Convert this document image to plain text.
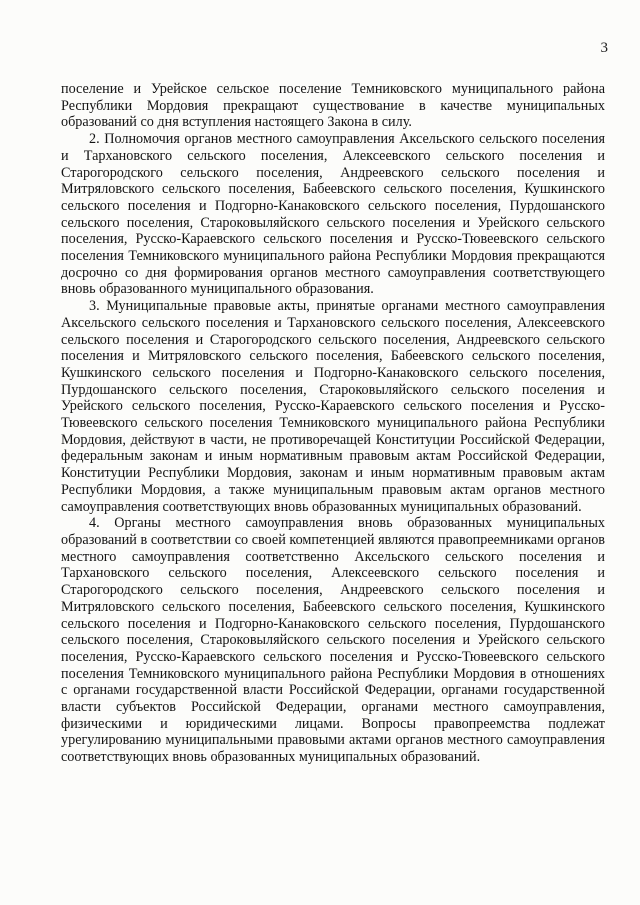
3

поселение и Урейское сельское поселение Темниковского муниципального района Республики Мордовия прекращают существование в качестве муниципальных образований со дня вступления настоящего Закона в силу.

2. Полномочия органов местного самоуправления Аксельского сельского поселения и Тархановского сельского поселения, Алексеевского сельского поселения и Старогородского сельского поселения, Андреевского сельского поселения и Митряловского сельского поселения, Бабеевского сельского поселения, Кушкинского сельского поселения и Подгорно-Канаковского сельского поселения, Пурдошанского сельского поселения, Староковыляйского сельского поселения и Урейского сельского поселения, Русско-Караевского сельского поселения и Русско-Тювеевского сельского поселения Темниковского муниципального района Республики Мордовия прекращаются досрочно со дня формирования органов местного самоуправления соответствующего вновь образованного муниципального образования.

3. Муниципальные правовые акты, принятые органами местного самоуправления Аксельского сельского поселения и Тархановского сельского поселения, Алексеевского сельского поселения и Старогородского сельского поселения, Андреевского сельского поселения и Митряловского сельского поселения, Бабеевского сельского поселения, Кушкинского сельского поселения и Подгорно-Канаковского сельского поселения, Пурдошанского сельского поселения, Староковыляйского сельского поселения и Урейского сельского поселения, Русско-Караевского сельского поселения и Русско-Тювеевского сельского поселения Темниковского муниципального района Республики Мордовия, действуют в части, не противоречащей Конституции Российской Федерации, федеральным законам и иным нормативным правовым актам Российской Федерации, Конституции Республики Мордовия, законам и иным нормативным правовым актам Республики Мордовия, а также муниципальным правовым актам органов местного самоуправления соответствующих вновь образованных муниципальных образований.

4. Органы местного самоуправления вновь образованных муниципальных образований в соответствии со своей компетенцией являются правопреемниками органов местного самоуправления соответственно Аксельского сельского поселения и Тархановского сельского поселения, Алексеевского сельского поселения и Старогородского сельского поселения, Андреевского сельского поселения и Митряловского сельского поселения, Бабеевского сельского поселения, Кушкинского сельского поселения и Подгорно-Канаковского сельского поселения, Пурдошанского сельского поселения, Староковыляйского сельского поселения и Урейского сельского поселения, Русско-Караевского сельского поселения и Русско-Тювеевского сельского поселения Темниковского муниципального района Республики Мордовия в отношениях с органами государственной власти Российской Федерации, органами государственной власти субъектов Российской Федерации, органами местного самоуправления, физическими и юридическими лицами. Вопросы правопреемства подлежат урегулированию муниципальными правовыми актами органов местного самоуправления соответствующих вновь образованных муниципальных образований.
